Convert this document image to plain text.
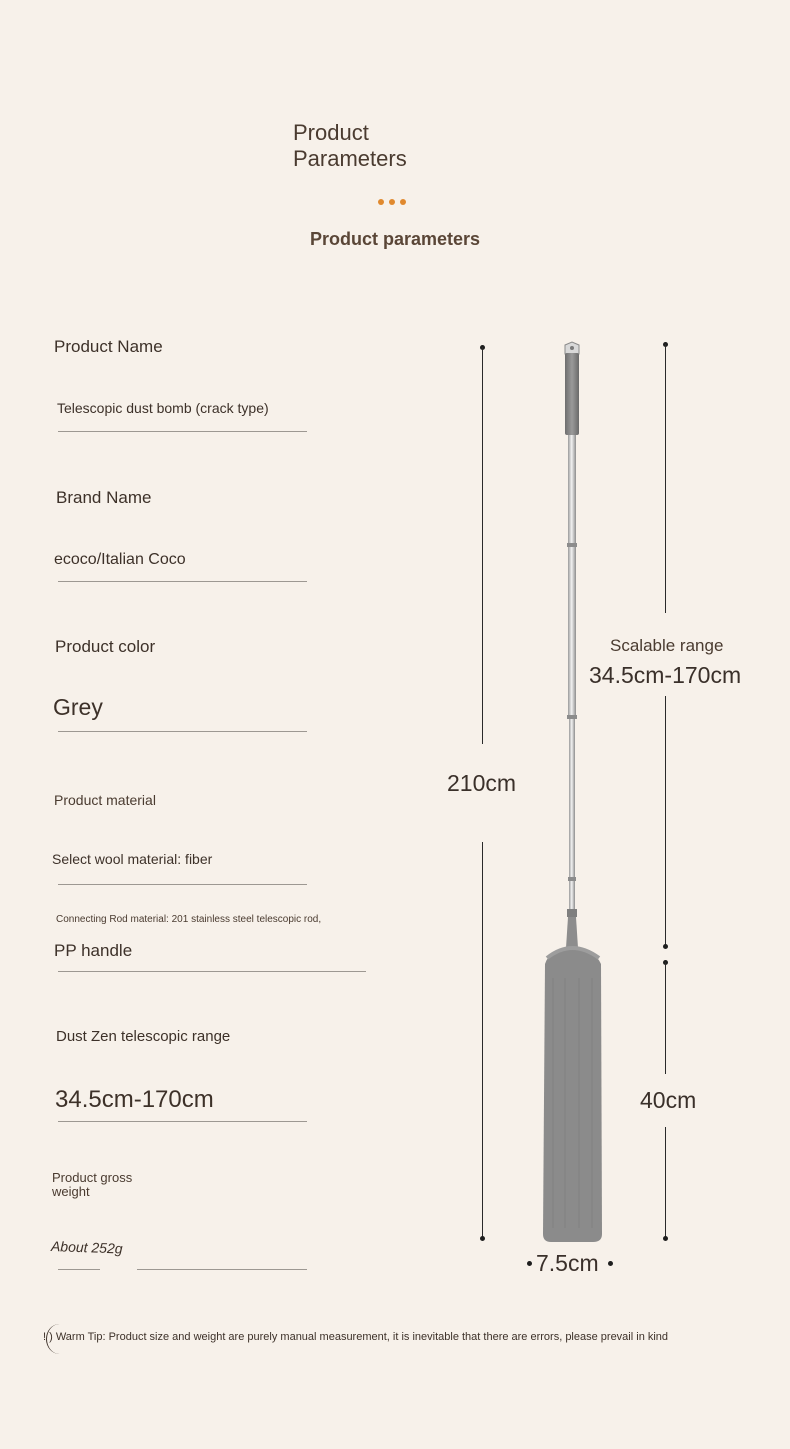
Product
Parameters
Product parameters
Product Name
Telescopic dust bomb (crack type)
Brand Name
ecoco/Italian Coco
Product color
Grey
Product material
Select wool material: fiber
Connecting Rod material: 201 stainless steel telescopic rod,
PP handle
Dust Zen telescopic range
34.5cm-170cm
Product gross
weight
About 252g
210cm
Scalable range
34.5cm-170cm
40cm
7.5cm
! ) Warm Tip: Product size and weight are purely manual measurement, it is inevitable that there are errors, please prevail in kind
